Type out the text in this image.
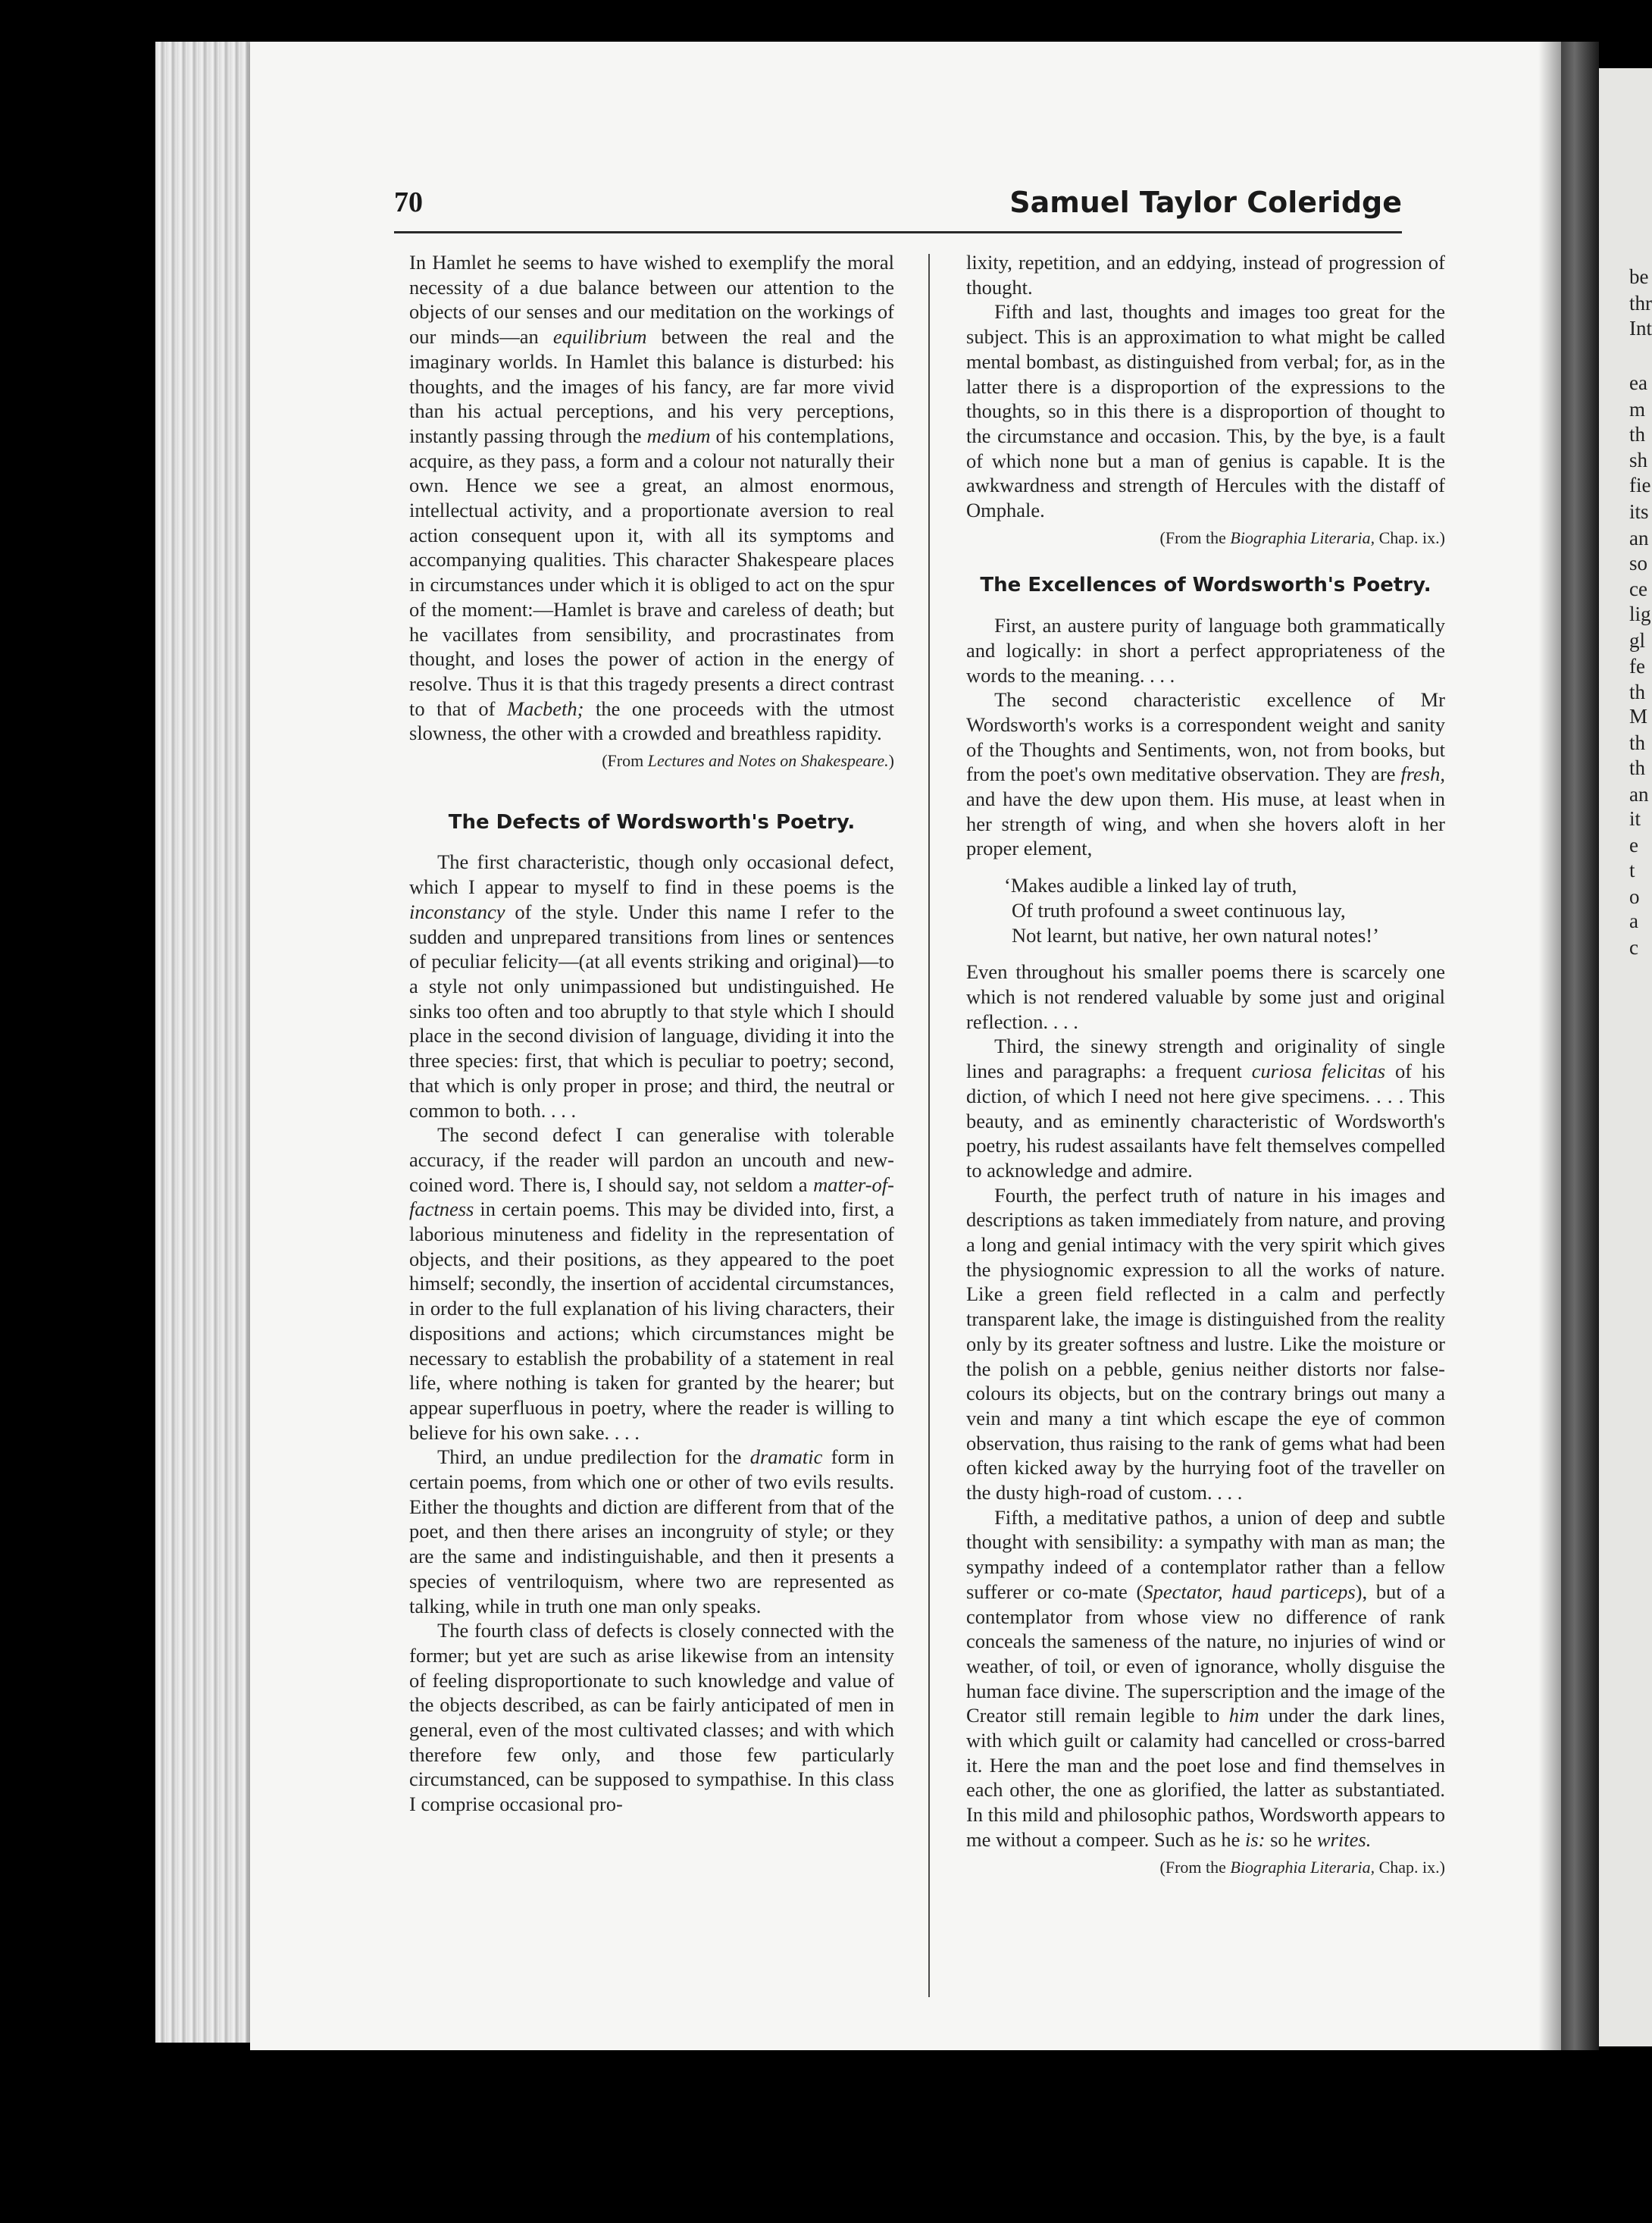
70	Samuel Taylor Coleridge

In Hamlet he seems to have wished to exemplify the moral necessity of a due balance between our attention to the objects of our senses and our meditation on the workings of our minds—an equilibrium between the real and the imaginary worlds. In Hamlet this balance is disturbed: his thoughts, and the images of his fancy, are far more vivid than his actual perceptions, and his very perceptions, instantly passing through the medium of his contemplations, acquire, as they pass, a form and a colour not naturally their own. Hence we see a great, an almost enormous, intellectual activity, and a proportionate aversion to real action consequent upon it, with all its symptoms and accompanying qualities. This character Shakespeare places in circumstances under which it is obliged to act on the spur of the moment:—Hamlet is brave and careless of death; but he vacillates from sensibility, and procrastinates from thought, and loses the power of action in the energy of resolve. Thus it is that this tragedy presents a direct contrast to that of Macbeth; the one proceeds with the utmost slowness, the other with a crowded and breathless rapidity.

(From Lectures and Notes on Shakespeare.)

The Defects of Wordsworth's Poetry.

The first characteristic, though only occasional defect, which I appear to myself to find in these poems is the inconstancy of the style. Under this name I refer to the sudden and unprepared transitions from lines or sentences of peculiar felicity—(at all events striking and original)—to a style not only unimpassioned but undistinguished. He sinks too often and too abruptly to that style which I should place in the second division of language, dividing it into the three species: first, that which is peculiar to poetry; second, that which is only proper in prose; and third, the neutral or common to both. . . .

The second defect I can generalise with tolerable accuracy, if the reader will pardon an uncouth and new-coined word. There is, I should say, not seldom a matter-of-factness in certain poems. This may be divided into, first, a laborious minuteness and fidelity in the representation of objects, and their positions, as they appeared to the poet himself; secondly, the insertion of accidental circumstances, in order to the full explanation of his living characters, their dispositions and actions; which circumstances might be necessary to establish the probability of a statement in real life, where nothing is taken for granted by the hearer; but appear superfluous in poetry, where the reader is willing to believe for his own sake. . . .

Third, an undue predilection for the dramatic form in certain poems, from which one or other of two evils results. Either the thoughts and diction are different from that of the poet, and then there arises an incongruity of style; or they are the same and indistinguishable, and then it presents a species of ventriloquism, where two are represented as talking, while in truth one man only speaks.

The fourth class of defects is closely connected with the former; but yet are such as arise likewise from an intensity of feeling disproportionate to such knowledge and value of the objects described, as can be fairly anticipated of men in general, even of the most cultivated classes; and with which therefore few only, and those few particularly circumstanced, can be supposed to sympathise. In this class I comprise occasional pro-

lixity, repetition, and an eddying, instead of progression of thought.

Fifth and last, thoughts and images too great for the subject. This is an approximation to what might be called mental bombast, as distinguished from verbal; for, as in the latter there is a disproportion of the expressions to the thoughts, so in this there is a disproportion of thought to the circumstance and occasion. This, by the bye, is a fault of which none but a man of genius is capable. It is the awkwardness and strength of Hercules with the distaff of Omphale.

(From the Biographia Literaria, Chap. ix.)

The Excellences of Wordsworth's Poetry.

First, an austere purity of language both grammatically and logically: in short a perfect appropriateness of the words to the meaning. . . .

The second characteristic excellence of Mr Wordsworth's works is a correspondent weight and sanity of the Thoughts and Sentiments, won, not from books, but from the poet's own meditative observation. They are fresh, and have the dew upon them. His muse, at least when in her strength of wing, and when she hovers aloft in her proper element,

‘Makes audible a linked lay of truth,
Of truth profound a sweet continuous lay,
Not learnt, but native, her own natural notes!’

Even throughout his smaller poems there is scarcely one which is not rendered valuable by some just and original reflection. . . .

Third, the sinewy strength and originality of single lines and paragraphs: a frequent curiosa felicitas of his diction, of which I need not here give specimens. . . . This beauty, and as eminently characteristic of Wordsworth's poetry, his rudest assailants have felt themselves compelled to acknowledge and admire.

Fourth, the perfect truth of nature in his images and descriptions as taken immediately from nature, and proving a long and genial intimacy with the very spirit which gives the physiognomic expression to all the works of nature. Like a green field reflected in a calm and perfectly transparent lake, the image is distinguished from the reality only by its greater softness and lustre. Like the moisture or the polish on a pebble, genius neither distorts nor false-colours its objects, but on the contrary brings out many a vein and many a tint which escape the eye of common observation, thus raising to the rank of gems what had been often kicked away by the hurrying foot of the traveller on the dusty high-road of custom. . . .

Fifth, a meditative pathos, a union of deep and subtle thought with sensibility: a sympathy with man as man; the sympathy indeed of a contemplator rather than a fellow sufferer or co-mate (Spectator, haud particeps), but of a contemplator from whose view no difference of rank conceals the sameness of the nature, no injuries of wind or weather, of toil, or even of ignorance, wholly disguise the human face divine. The superscription and the image of the Creator still remain legible to him under the dark lines, with which guilt or calamity had cancelled or cross-barred it. Here the man and the poet lose and find themselves in each other, the one as glorified, the latter as substantiated. In this mild and philosophic pathos, Wordsworth appears to me without a compeer. Such as he is: so he writes.

(From the Biographia Literaria, Chap. ix.)

be
thr
Int
ea
m
th
sh
fie
its
an
so
ce
lig
gl
fe
th
M
th
th
an
it
e
t
o
a
c
